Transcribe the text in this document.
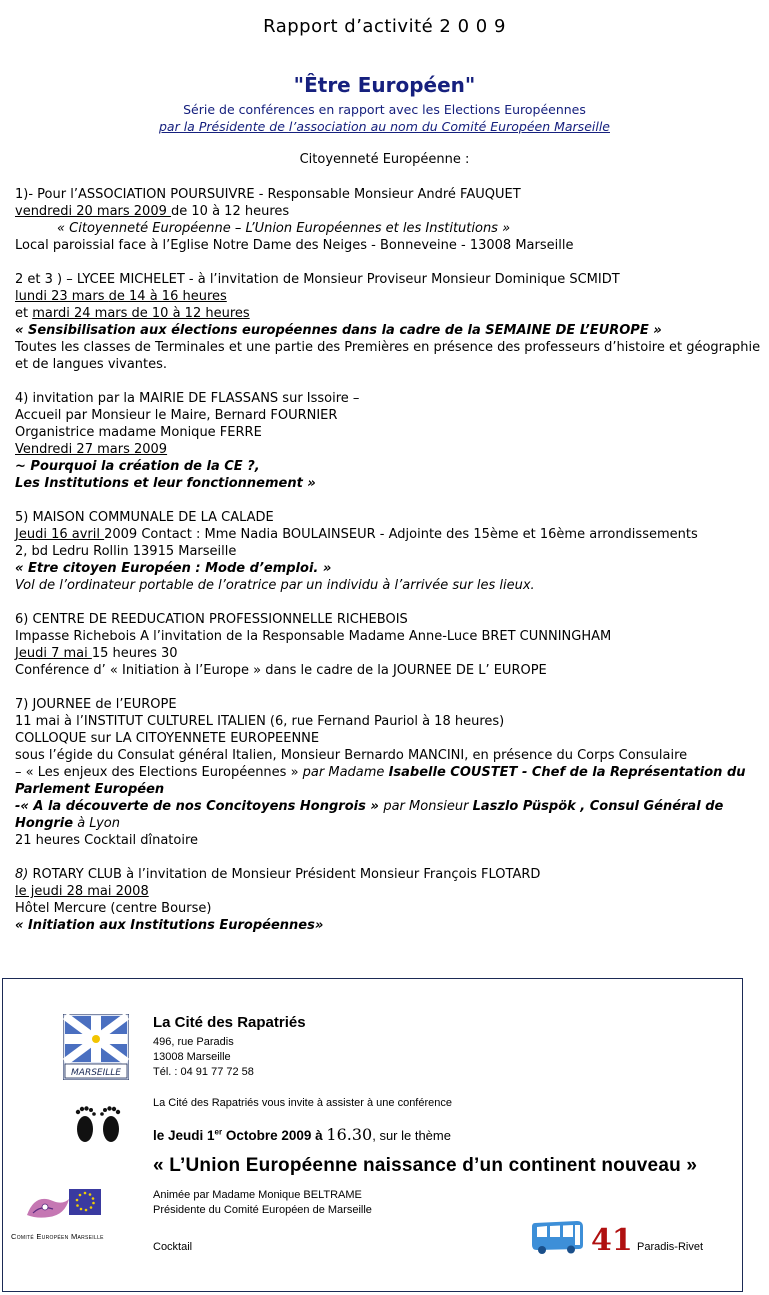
Rapport d’activité 2 0 0 9
"Être Européen"
Série de conférences en rapport avec les Elections Européennes
par la Présidente de l’association au nom du Comité Européen Marseille
Citoyenneté Européenne :

1)- Pour l’ASSOCIATION POURSUIVRE - Responsable Monsieur André FAUQUET

vendredi 20 mars 2009 de 10 à 12 heures

« Citoyenneté Européenne – L’Union Européennes et les Institutions »

Local paroissial face à l’Eglise Notre Dame des Neiges - Bonneveine - 13008 Marseille

2 et 3 ) – LYCEE MICHELET - à l’invitation de Monsieur Proviseur Monsieur Dominique SCMIDT

lundi 23 mars de 14 à 16 heures

et mardi 24 mars de 10 à 12 heures

« Sensibilisation aux élections européennes dans la cadre de la SEMAINE DE L’EUROPE »

Toutes les classes de Terminales et une partie des Premières en présence des professeurs d’histoire et géographie et de langues vivantes.

4) invitation par la MAIRIE DE FLASSANS sur Issoire –

Accueil par Monsieur le Maire, Bernard FOURNIER

Organistrice madame Monique FERRE

Vendredi 27 mars 2009

~ Pourquoi la création de la CE ?,

Les Institutions et leur fonctionnement »

5) MAISON COMMUNALE DE LA CALADE

Jeudi 16 avril 2009 Contact : Mme Nadia BOULAINSEUR - Adjointe des 15ème et 16ème arrondissements

2, bd Ledru Rollin 13915 Marseille

« Etre citoyen Européen : Mode d’emploi. »

Vol de l’ordinateur portable de l’oratrice par un individu à l’arrivée sur les lieux.

6) CENTRE DE REEDUCATION PROFESSIONNELLE RICHEBOIS

Impasse Richebois A l’invitation de la Responsable Madame Anne-Luce BRET CUNNINGHAM

Jeudi 7 mai 15 heures 30

Conférence d’ « Initiation à l’Europe » dans le cadre de la JOURNEE DE L’ EUROPE

7) JOURNEE de l’EUROPE

11 mai à l’INSTITUT CULTUREL ITALIEN (6, rue Fernand Pauriol à 18 heures)

COLLOQUE sur LA CITOYENNETE EUROPEENNE

sous l’égide du Consulat général Italien, Monsieur Bernardo MANCINI, en présence du Corps Consulaire

– « Les enjeux des Elections Européennes » par Madame Isabelle COUSTET - Chef de la Représentation du Parlement Européen

-« A la découverte de nos Concitoyens Hongrois » par Monsieur Laszlo Püspök , Consul Général de Hongrie à Lyon

21 heures Cocktail dînatoire

8) ROTARY CLUB à l’invitation de Monsieur Président Monsieur François FLOTARD

le jeudi 28 mai 2008

Hôtel Mercure (centre Bourse)

« Initiation aux Institutions Européennes»

MARSEILLE
La Cité des Rapatriés
496, rue Paradis
13008 Marseille
Tél. : 04 91 77 72 58
La Cité des Rapatriés vous invite à assister à une conférence
le Jeudi 1er Octobre 2009 à 16.30, sur le thème
« L’Union Européenne naissance d’un continent nouveau »
Animée par Madame Monique BELTRAME
Présidente du Comité Européen de Marseille
Cocktail
Comité Européen Marseille	41 Paradis-Rivet
